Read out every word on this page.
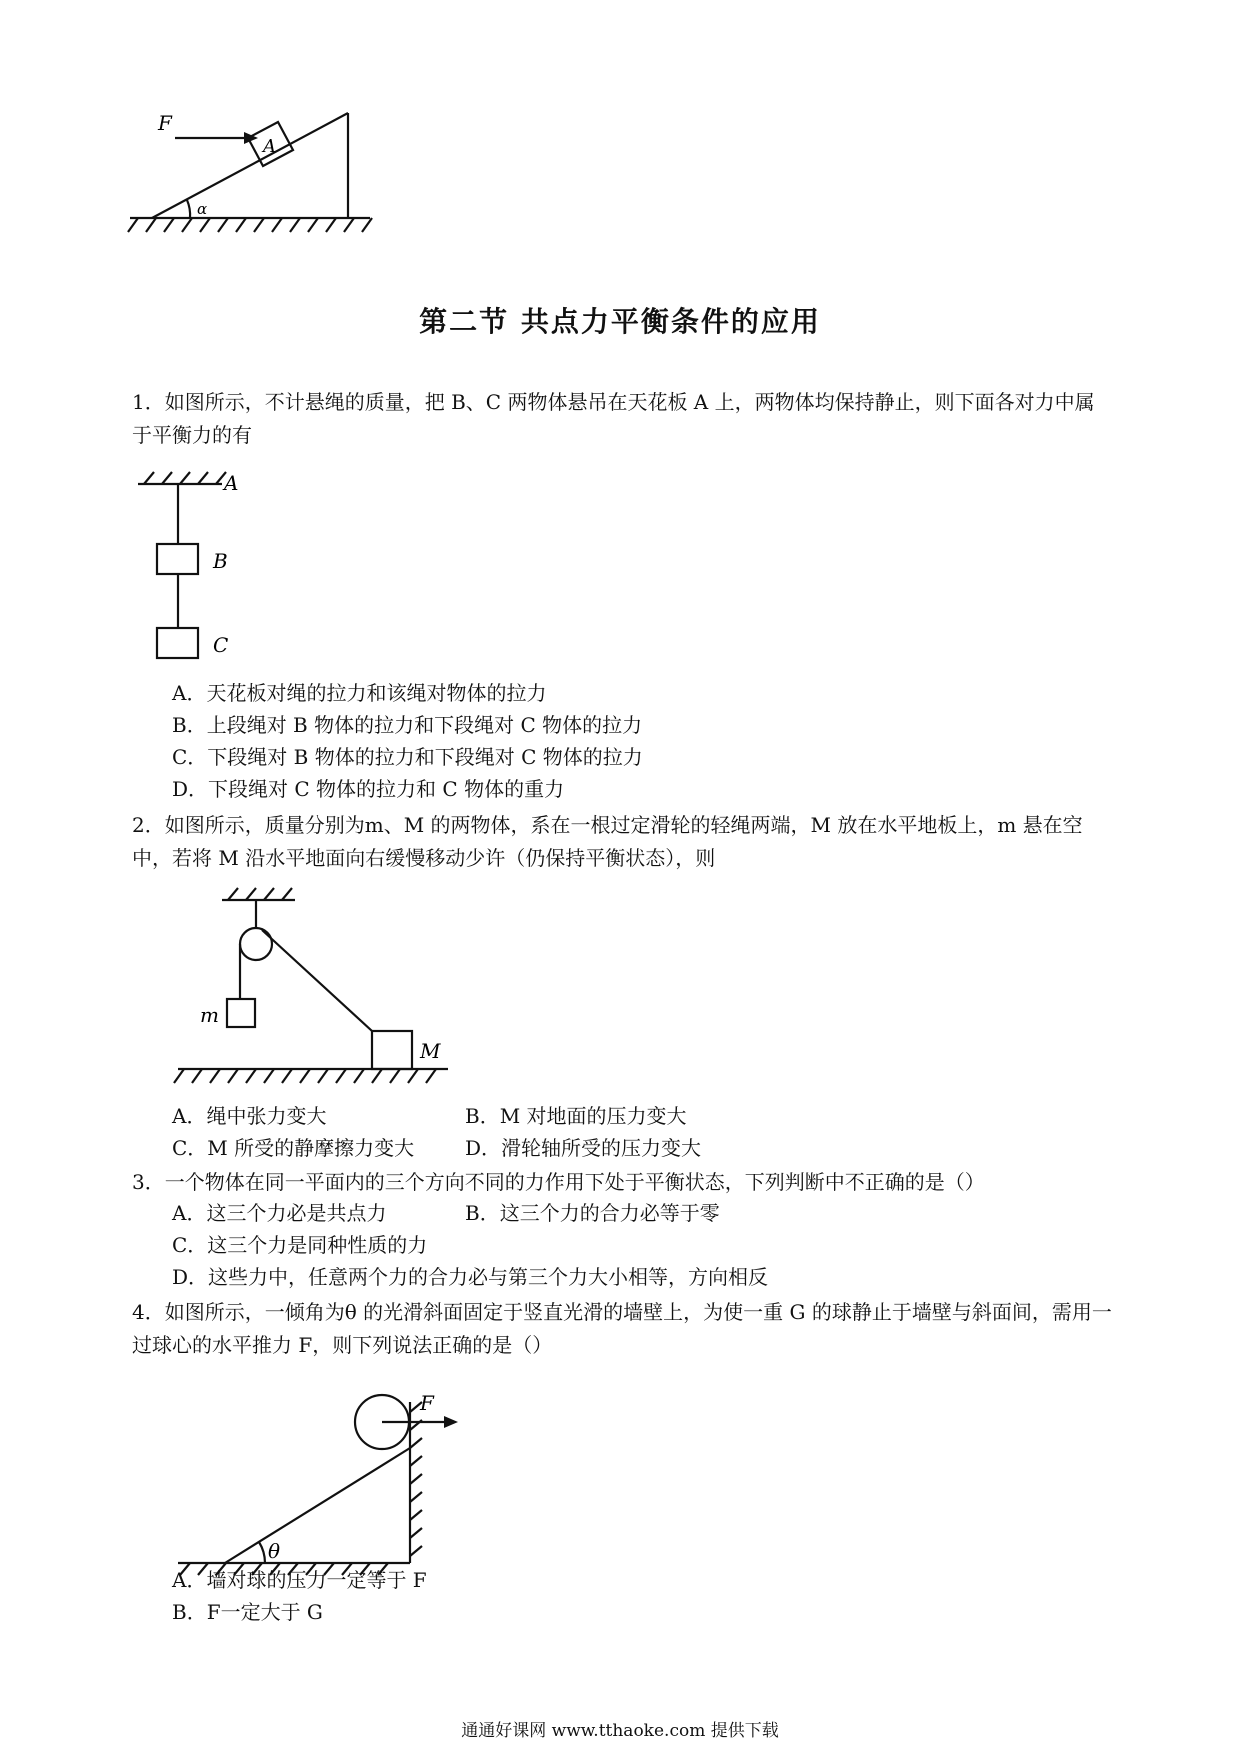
F
A
α
第二节 共点力平衡条件的应用
1．如图所示，不计悬绳的质量，把 B、C 两物体悬吊在天花板 A 上，两物体均保持静止，则下面各对力中属于平衡力的有
A
B
C
A．天花板对绳的拉力和该绳对物体的拉力
B．上段绳对 B 物体的拉力和下段绳对 C 物体的拉力
C．下段绳对 B 物体的拉力和下段绳对 C 物体的拉力
D．下段绳对 C 物体的拉力和 C 物体的重力
2．如图所示，质量分别为m、M 的两物体，系在一根过定滑轮的轻绳两端，M 放在水平地板上，m 悬在空中，若将 M 沿水平地面向右缓慢移动少许（仍保持平衡状态），则
m
M
A．绳中张力变大	B．M 对地面的压力变大
C．M 所受的静摩擦力变大	D．滑轮轴所受的压力变大
3．一个物体在同一平面内的三个方向不同的力作用下处于平衡状态，下列判断中不正确的是（）
A．这三个力必是共点力	B．这三个力的合力必等于零
C．这三个力是同种性质的力
D．这些力中，任意两个力的合力必与第三个力大小相等，方向相反
4．如图所示，一倾角为θ 的光滑斜面固定于竖直光滑的墙壁上，为使一重 G 的球静止于墙壁与斜面间，需用一过球心的水平推力 F，则下列说法正确的是（）
F
θ
A．墙对球的压力一定等于 F
B．F一定大于 G
通通好课网 www.tthaoke.com 提供下载
